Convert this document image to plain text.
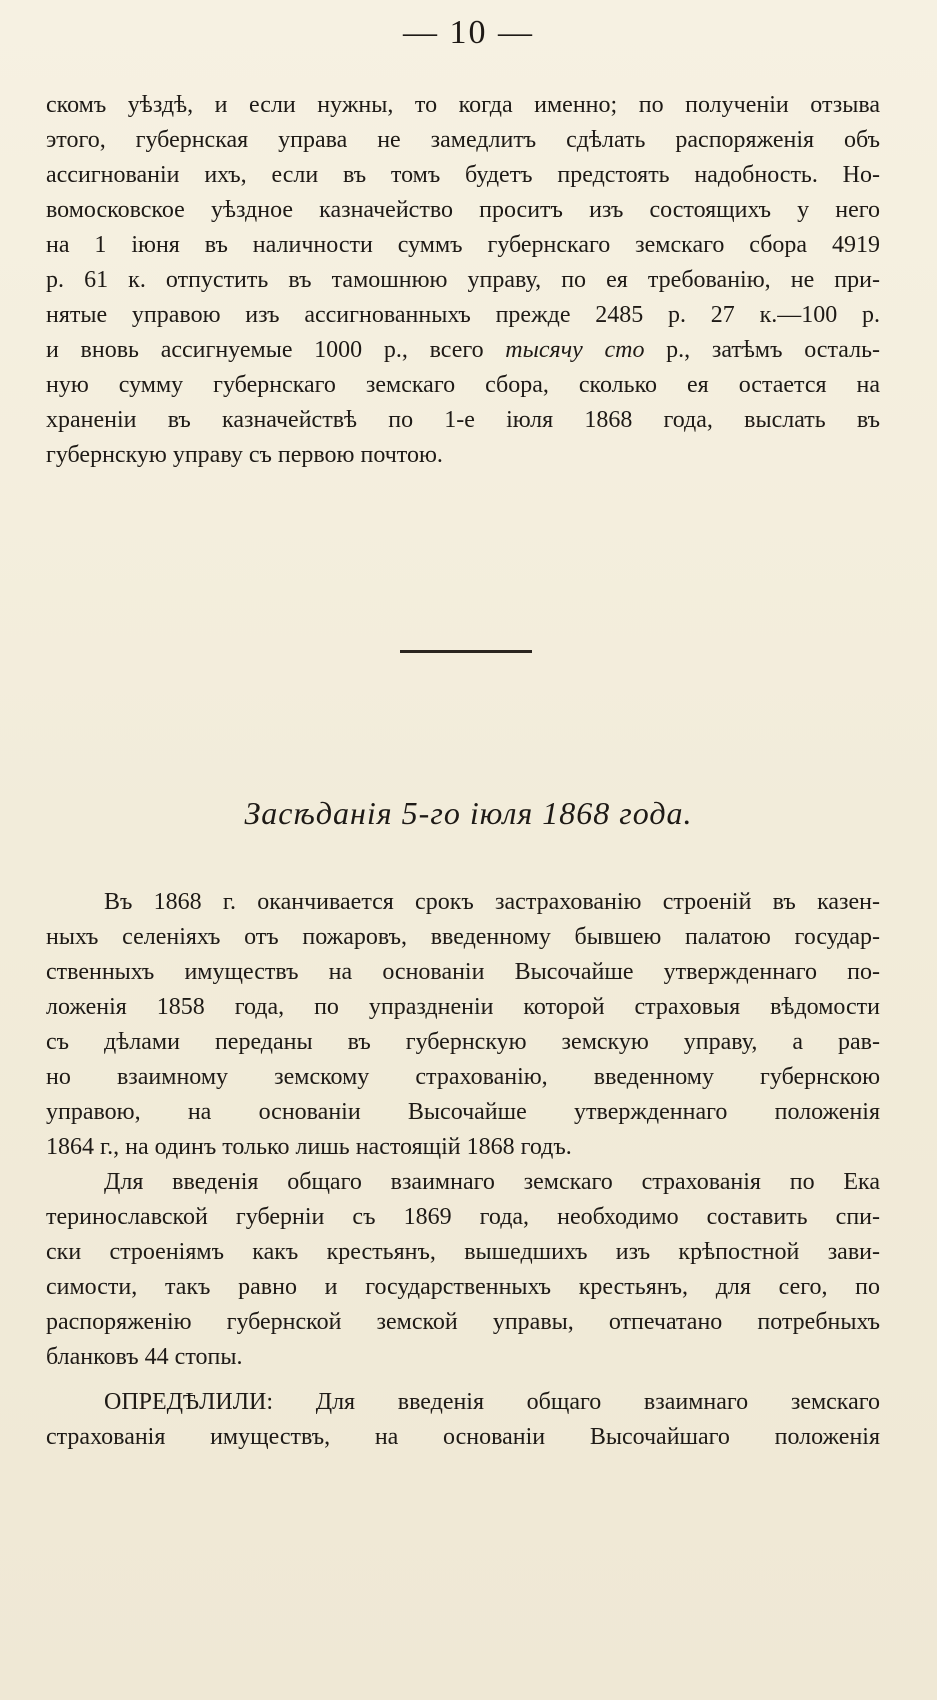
— 10 —
скомъ уѣздѣ, и если нужны, то когда именно; по полученіи отзыва
этого, губернская управа не замедлитъ сдѣлать распоряженія объ
ассигнованіи ихъ, если въ томъ будетъ предстоять надобность. Но-
вомосковское уѣздное казначейство проситъ изъ состоящихъ у него
на 1 іюня въ наличности суммъ губернскаго земскаго сбора 4919
р. 61 к. отпустить въ тамошнюю управу, по ея требованію, не при-
нятые управою изъ ассигнованныхъ прежде 2485 р. 27 к.—100 р.
и вновь ассигнуемые 1000 р., всего тысячу сто р., затѣмъ осталь-
ную сумму губернскаго земскаго сбора, сколько ея остается на
храненіи въ казначействѣ по 1-е іюля 1868 года, выслать въ
губернскую управу съ первою почтою.
Засѣданія 5-го іюля 1868 года.
Въ 1868 г. оканчивается срокъ застрахованію строеній въ казен-
ныхъ селеніяхъ отъ пожаровъ, введенному бывшею палатою государ-
ственныхъ имуществъ на основаніи Высочайше утвержденнаго по-
ложенія 1858 года, по упраздненіи которой страховыя вѣдомости
съ дѣлами переданы въ губернскую земскую управу, а рав-
но взаимному земскому страхованію, введенному губернскою
управою, на основаніи Высочайше утвержденнаго положенія
1864 г., на одинъ только лишь настоящій 1868 годъ.
Для введенія общаго взаимнаго земскаго страхованія по Ека
теринославской губерніи съ 1869 года, необходимо составить спи-
ски строеніямъ какъ крестьянъ, вышедшихъ изъ крѣпостной зави-
симости, такъ равно и государственныхъ крестьянъ, для сего, по
распоряженію губернской земской управы, отпечатано потребныхъ
бланковъ 44 стопы.
ОПРЕДѢЛИЛИ: Для введенія общаго взаимнаго земскаго
страхованія имуществъ, на основаніи Высочайшаго положенія
